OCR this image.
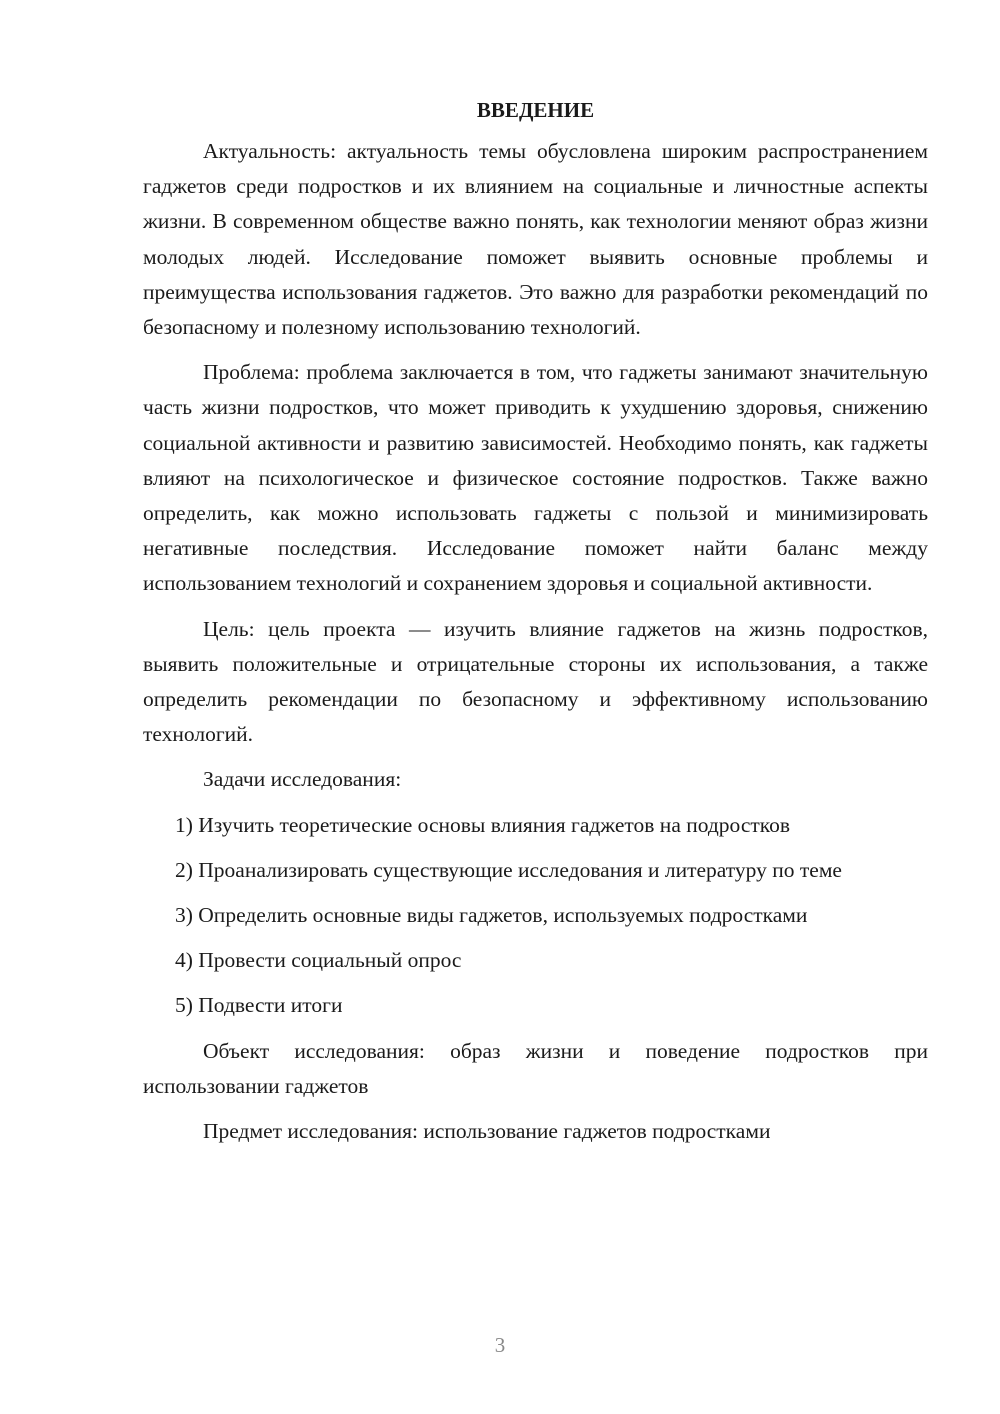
ВВЕДЕНИЕ

Актуальность: актуальность темы обусловлена широким распространением гаджетов среди подростков и их влиянием на социальные и личностные аспекты жизни. В современном обществе важно понять, как технологии меняют образ жизни молодых людей. Исследование поможет выявить основные проблемы и преимущества использования гаджетов. Это важно для разработки рекомендаций по безопасному и полезному использованию технологий.

Проблема: проблема заключается в том, что гаджеты занимают значительную часть жизни подростков, что может приводить к ухудшению здоровья, снижению социальной активности и развитию зависимостей. Необходимо понять, как гаджеты влияют на психологическое и физическое состояние подростков. Также важно определить, как можно использовать гаджеты с пользой и минимизировать негативные последствия. Исследование поможет найти баланс между использованием технологий и сохранением здоровья и социальной активности.

Цель: цель проекта — изучить влияние гаджетов на жизнь подростков, выявить положительные и отрицательные стороны их использования, а также определить рекомендации по безопасному и эффективному использованию технологий.

Задачи исследования:

1) Изучить теоретические основы влияния гаджетов на подростков

2) Проанализировать существующие исследования и литературу по теме

3) Определить основные виды гаджетов, используемых подростками

4) Провести социальный опрос

5) Подвести итоги

Объект исследования: образ жизни и поведение подростков при использовании гаджетов

Предмет исследования: использование гаджетов подростками

3
